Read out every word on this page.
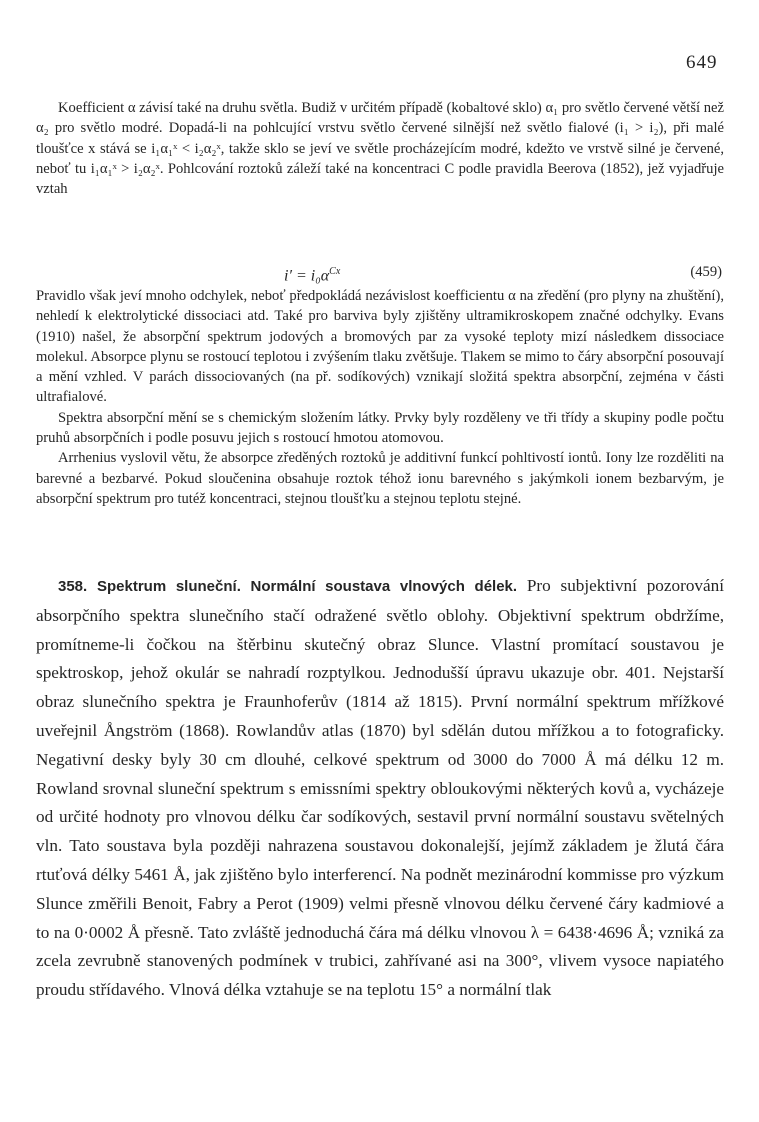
649

Koefficient α závisí také na druhu světla. Budiž v určitém případě (kobaltové sklo) α₁ pro světlo červené větší než α₂ pro světlo modré. Dopadá-li na pohlcující vrstvu světlo červené silnější než světlo fialové (i₁ > i₂), při malé tloušťce x stává se i₁α₁ˣ < i₂α₂ˣ, takže sklo se jeví ve světle procházejícím modré, kdežto ve vrstvě silné je červené, neboť tu i₁α₁ˣ > i₂α₂ˣ. Pohlcování roztoků záleží také na koncentraci C podle pravidla Beerova (1852), jež vyjadřuje vztah

$i' = i_0\alpha^{Cx}$	(459)

Pravidlo však jeví mnoho odchylek, neboť předpokládá nezávislost koefficientu α na zředění (pro plyny na zhuštění), nehledí k elektrolytické dissociaci atd. Také pro barviva byly zjištěny ultramikroskopem značné odchylky. Evans (1910) našel, že absorpční spektrum jodových a bromových par za vysoké teploty mizí následkem dissociace molekul. Absorpce plynu se rostoucí teplotou i zvýšením tlaku zvětšuje. Tlakem se mimo to čáry absorpční posouvají a mění vzhled. V parách dissociovaných (na př. sodíkových) vznikají složitá spektra absorpční, zejména v části ultrafialové.

Spektra absorpční mění se s chemickým složením látky. Prvky byly rozděleny ve tři třídy a skupiny podle počtu pruhů absorpčních i podle posuvu jejich s rostoucí hmotou atomovou.

Arrhenius vyslovil větu, že absorpce zředěných roztoků je additivní funkcí pohltivostí iontů. Iony lze rozděliti na barevné a bezbarvé. Pokud sloučenina obsahuje roztok téhož ionu barevného s jakýmkoli ionem bezbarvým, je absorpční spektrum pro tutéž koncentraci, stejnou tloušťku a stejnou teplotu stejné.

358. Spektrum sluneční. Normální soustava vlnových délek. Pro subjektivní pozorování absorpčního spektra slunečního stačí odražené světlo oblohy. Objektivní spektrum obdržíme, promítneme-li čočkou na štěrbinu skutečný obraz Slunce. Vlastní promítací soustavou je spektroskop, jehož okulár se nahradí rozptylkou. Jednodušší úpravu ukazuje obr. 401. Nejstarší obraz slunečního spektra je Fraunhoferův (1814 až 1815). První normální spektrum mřížkové uveřejnil Ångström (1868). Rowlandův atlas (1870) byl sdělán dutou mřížkou a to fotograficky. Negativní desky byly 30 cm dlouhé, celkové spektrum od 3000 do 7000 Å má délku 12 m. Rowland srovnal sluneční spektrum s emissními spektry obloukovými některých kovů a, vycházeje od určité hodnoty pro vlnovou délku čar sodíkových, sestavil první normální soustavu světelných vln. Tato soustava byla později nahrazena soustavou dokonalejší, jejímž základem je žlutá čára rtuťová délky 5461 Å, jak zjištěno bylo interferencí. Na podnět mezinárodní kommisse pro výzkum Slunce změřili Benoit, Fabry a Perot (1909) velmi přesně vlnovou délku červené čáry kadmiové a to na 0·0002 Å přesně. Tato zvláště jednoduchá čára má délku vlnovou λ = 6438·4696 Å; vzniká za zcela zevrubně stanovených podmínek v trubici, zahřívané asi na 300°, vlivem vysoce napiatého proudu střídavého. Vlnová délka vztahuje se na teplotu 15° a normální tlak
